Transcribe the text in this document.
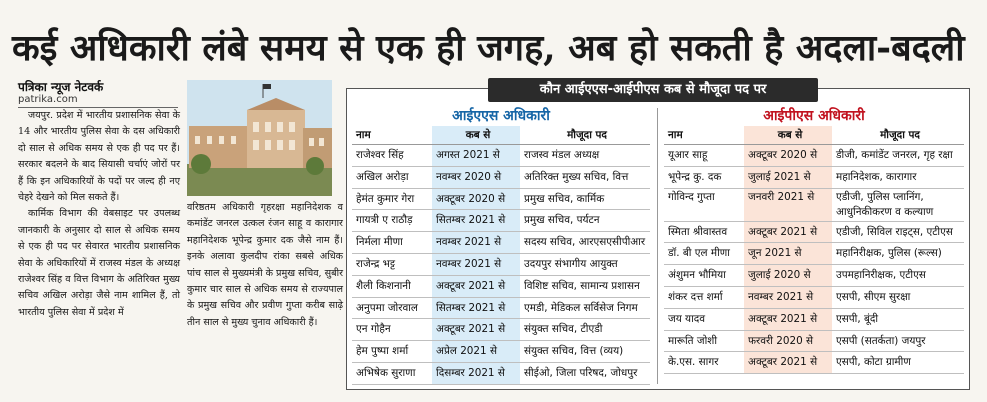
कई अधिकारी लंबे समय से एक ही जगह, अब हो सकती है अदला-बदली
पत्रिका न्यूज नेटवर्क
patrika.com

जयपुर. प्रदेश में भारतीय प्रशासनिक सेवा के 14 और भारतीय पुलिस सेवा के दस अधिकारी दो साल से अधिक समय से एक ही पद पर हैं। सरकार बदलने के बाद सियासी चर्चाएं जोरों पर हैं कि इन अधिकारियों के पदों पर जल्द ही नए चेहरे देखने को मिल सकते हैं।

कार्मिक विभाग की वेबसाइट पर उपलब्ध जानकारी के अनुसार दो साल से अधिक समय से एक ही पद पर सेवारत भारतीय प्रशासनिक सेवा के अधिकारियों में राजस्व मंडल के अध्यक्ष राजेश्वर सिंह व वित्त विभाग के अतिरिक्त मुख्य सचिव अखिल अरोड़ा जैसे नाम शामिल हैं, तो भारतीय पुलिस सेवा में प्रदेश में

वरिष्ठतम अधिकारी गृहरक्षा महानिदेशक व कमांडेंट जनरल उत्कल रंजन साहू व कारागार महानिदेशक भूपेन्द्र कुमार दक जैसे नाम हैं। इनके अलावा कुलदीप रांका सबसे अधिक पांच साल से मुख्यमंत्री के प्रमुख सचिव, सुबीर कुमार चार साल से अधिक समय से राज्यपाल के प्रमुख सचिव और प्रवीण गुप्ता करीब साढ़े तीन साल से मुख्य चुनाव अधिकारी हैं।

कौन आईएएस-आईपीएस कब से मौजूदा पद पर
आईएएस अधिकारी
नाम	कब से	मौजूदा पद
राजेश्वर सिंह	अगस्त 2021 से	राजस्व मंडल अध्यक्ष
अखिल अरोड़ा	नवम्बर 2020 से	अतिरिक्त मुख्य सचिव, वित्त
हेमंत कुमार गेरा	अक्टूबर 2020 से	प्रमुख सचिव, कार्मिक
गायत्री ए राठौड़	सितम्बर 2021 से	प्रमुख सचिव, पर्यटन
निर्मला मीणा	नवम्बर 2021 से	सदस्य सचिव, आरएसएसीपीआर
राजेन्द्र भट्ट	नवम्बर 2021 से	उदयपुर संभागीय आयुक्त
शैली किशनानी	अक्टूबर 2021 से	विशिष्ट सचिव, सामान्य प्रशासन
अनुपमा जोरवाल	सितम्बर 2021 से	एमडी, मेडिकल सर्विसेज निगम
एन गोहैन	अक्टूबर 2021 से	संयुक्त सचिव, टीएडी
हेम पुष्पा शर्मा	अप्रेल 2021 से	संयुक्त सचिव, वित्त (व्यय)
अभिषेक सुराणा	दिसम्बर 2021 से	सीईओ, जिला परिषद, जोधपुर
आईपीएस अधिकारी
नाम	कब से	मौजूदा पद
यूआर साहू	अक्टूबर 2020 से	डीजी, कमांडेंट जनरल, गृह रक्षा
भूपेन्द्र कु. दक	जुलाई 2021 से	महानिदेशक, कारागार
गोविन्द गुप्ता	जनवरी 2021 से	एडीजी, पुलिस प्लानिंग, आधुनिकीकरण व कल्याण
स्मिता श्रीवास्तव	अक्टूबर 2021 से	एडीजी, सिविल राइट्स, एटीएस
डॉ. बी एल मीणा	जून 2021 से	महानिरीक्षक, पुलिस (रूल्स)
अंशुमन भौमिया	जुलाई 2020 से	उपमहानिरीक्षक, एटीएस
शंकर दत्त शर्मा	नवम्बर 2021 से	एसपी, सीएम सुरक्षा
जय यादव	अक्टूबर 2021 से	एसपी, बूंदी
मारूति जोशी	फरवरी 2020 से	एसपी (सतर्कता) जयपुर
के.एस. सागर	अक्टूबर 2021 से	एसपी, कोटा ग्रामीण
